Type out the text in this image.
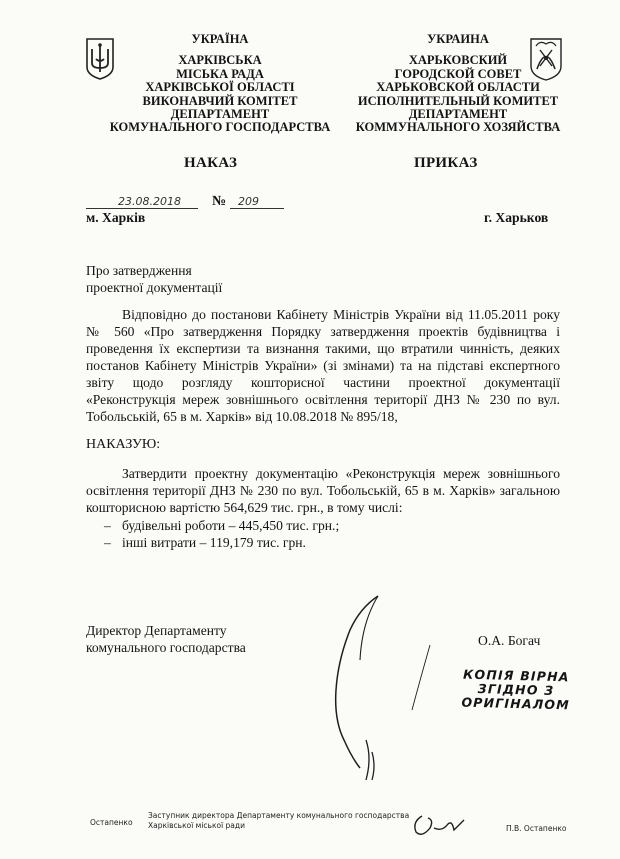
УКРАЇНА
ХАРКІВСЬКА
МІСЬКА РАДА
ХАРКІВСЬКОЇ ОБЛАСТІ
ВИКОНАВЧИЙ КОМІТЕТ
ДЕПАРТАМЕНТ
КОМУНАЛЬНОГО ГОСПОДАРСТВА
УКРАИНА
ХАРЬКОВСКИЙ
ГОРОДСКОЙ СОВЕТ
ХАРЬКОВСКОЙ ОБЛАСТИ
ИСПОЛНИТЕЛЬНЫЙ КОМИТЕТ
ДЕПАРТАМЕНТ
КОММУНАЛЬНОГО ХОЗЯЙСТВА
НАКАЗ	ПРИКАЗ
23.08.2018 № 209
м. Харків	г. Харьков
Про затвердження
проектної документації
Відповідно до постанови Кабінету Міністрів України від 11.05.2011 року № 560 «Про затвердження Порядку затвердження проектів будівництва і проведення їх експертизи та визнання такими, що втратили чинність, деяких постанов Кабінету Міністрів України» (зі змінами) та на підставі експертного звіту щодо розгляду кошторисної частини проектної документації «Реконструкція мереж зовнішнього освітлення території ДНЗ № 230 по вул. Тобольській, 65 в м. Харків» від 10.08.2018 № 895/18,
НАКАЗУЮ:
Затвердити проектну документацію «Реконструкція мереж зовнішнього освітлення території ДНЗ № 230 по вул. Тобольській, 65 в м. Харків» загальною кошторисною вартістю 564,629 тис. грн., в тому числі:
– будівельні роботи – 445,450 тис. грн.;
– інші витрати – 119,179 тис. грн.
Директор Департаменту
комунального господарства	О.А. Богач
КОПІЯ ВІРНА
ЗГІДНО З
ОРИГІНАЛОМ
Остапенко
Заступник директора Департаменту комунального господарства
Харківської міської ради	П.В. Остапенко
